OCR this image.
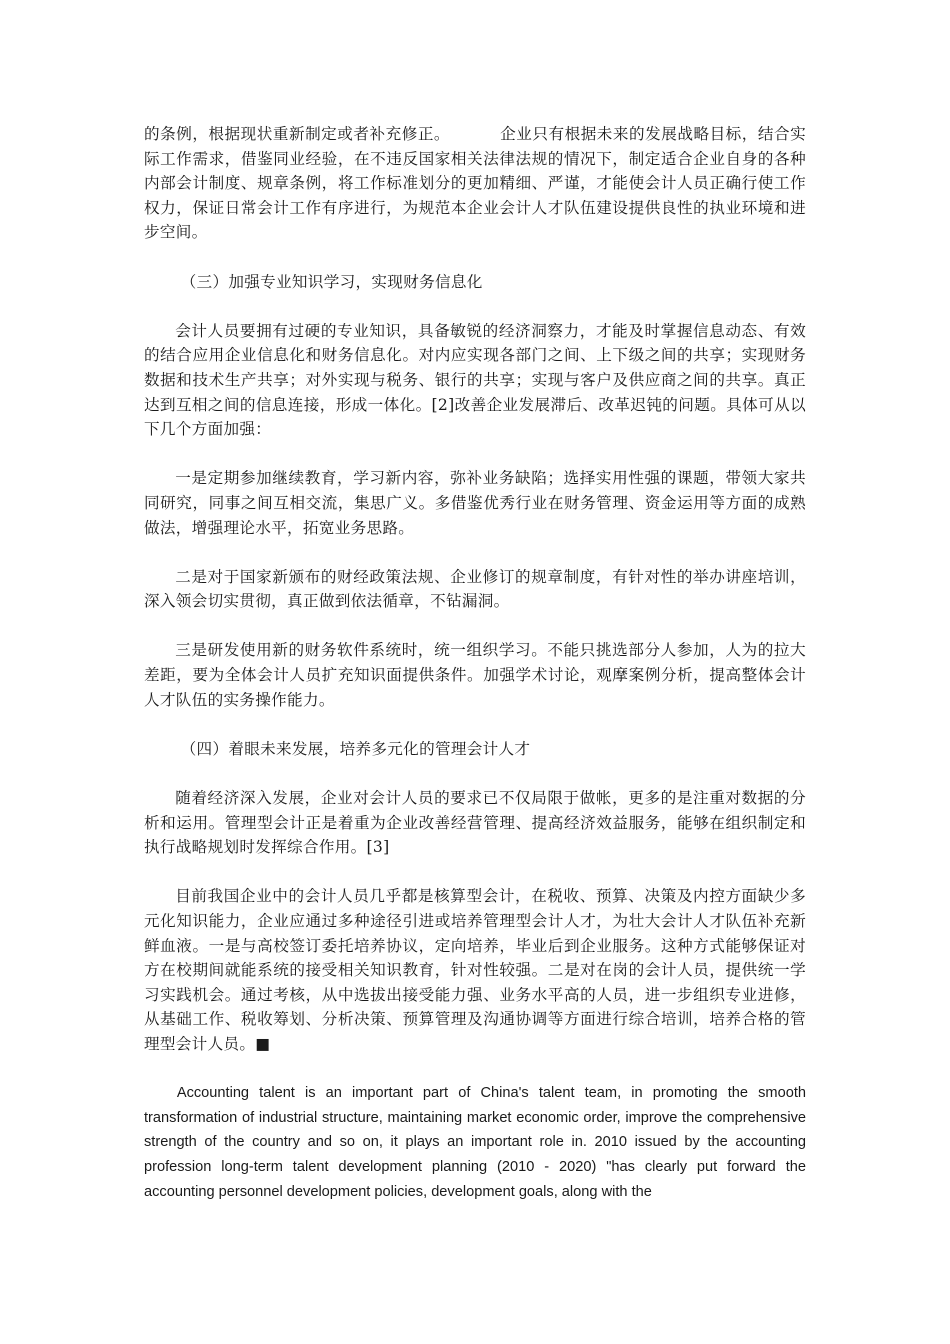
的条例，根据现状重新制定或者补充修正。	企业只有根据未来的发展战略目标，结合实际工作需求，借鉴同业经验，在不违反国家相关法律法规的情况下，制定适合企业自身的各种内部会计制度、规章条例，将工作标准划分的更加精细、严谨，才能使会计人员正确行使工作权力，保证日常会计工作有序进行，为规范本企业会计人才队伍建设提供良性的执业环境和进步空间。

（三）加强专业知识学习，实现财务信息化

会计人员要拥有过硬的专业知识，具备敏锐的经济洞察力，才能及时掌握信息动态、有效的结合应用企业信息化和财务信息化。对内应实现各部门之间、上下级之间的共享；实现财务数据和技术生产共享；对外实现与税务、银行的共享；实现与客户及供应商之间的共享。真正达到互相之间的信息连接，形成一体化。[2]改善企业发展滞后、改革迟钝的问题。具体可从以下几个方面加强：

一是定期参加继续教育，学习新内容，弥补业务缺陷；选择实用性强的课题，带领大家共同研究，同事之间互相交流，集思广义。多借鉴优秀行业在财务管理、资金运用等方面的成熟做法，增强理论水平，拓宽业务思路。

二是对于国家新颁布的财经政策法规、企业修订的规章制度，有针对性的举办讲座培训，深入领会切实贯彻，真正做到依法循章，不钻漏洞。

三是研发使用新的财务软件系统时，统一组织学习。不能只挑选部分人参加，人为的拉大差距，要为全体会计人员扩充知识面提供条件。加强学术讨论，观摩案例分析，提高整体会计人才队伍的实务操作能力。

（四）着眼未来发展，培养多元化的管理会计人才

随着经济深入发展，企业对会计人员的要求已不仅局限于做帐，更多的是注重对数据的分析和运用。管理型会计正是着重为企业改善经营管理、提高经济效益服务，能够在组织制定和执行战略规划时发挥综合作用。[3]

目前我国企业中的会计人员几乎都是核算型会计，在税收、预算、决策及内控方面缺少多元化知识能力，企业应通过多种途径引进或培养管理型会计人才，为壮大会计人才队伍补充新鲜血液。一是与高校签订委托培养协议，定向培养，毕业后到企业服务。这种方式能够保证对方在校期间就能系统的接受相关知识教育，针对性较强。二是对在岗的会计人员，提供统一学习实践机会。通过考核，从中选拔出接受能力强、业务水平高的人员，进一步组织专业进修，从基础工作、税收筹划、分析决策、预算管理及沟通协调等方面进行综合培训，培养合格的管理型会计人员。■

Accounting talent is an important part of China's talent team, in promoting the smooth transformation of industrial structure, maintaining market economic order, improve the comprehensive strength of the country and so on, it plays an important role in. 2010 issued by the accounting profession long-term talent development planning (2010 - 2020) "has clearly put forward the accounting personnel development policies, development goals, along with the
